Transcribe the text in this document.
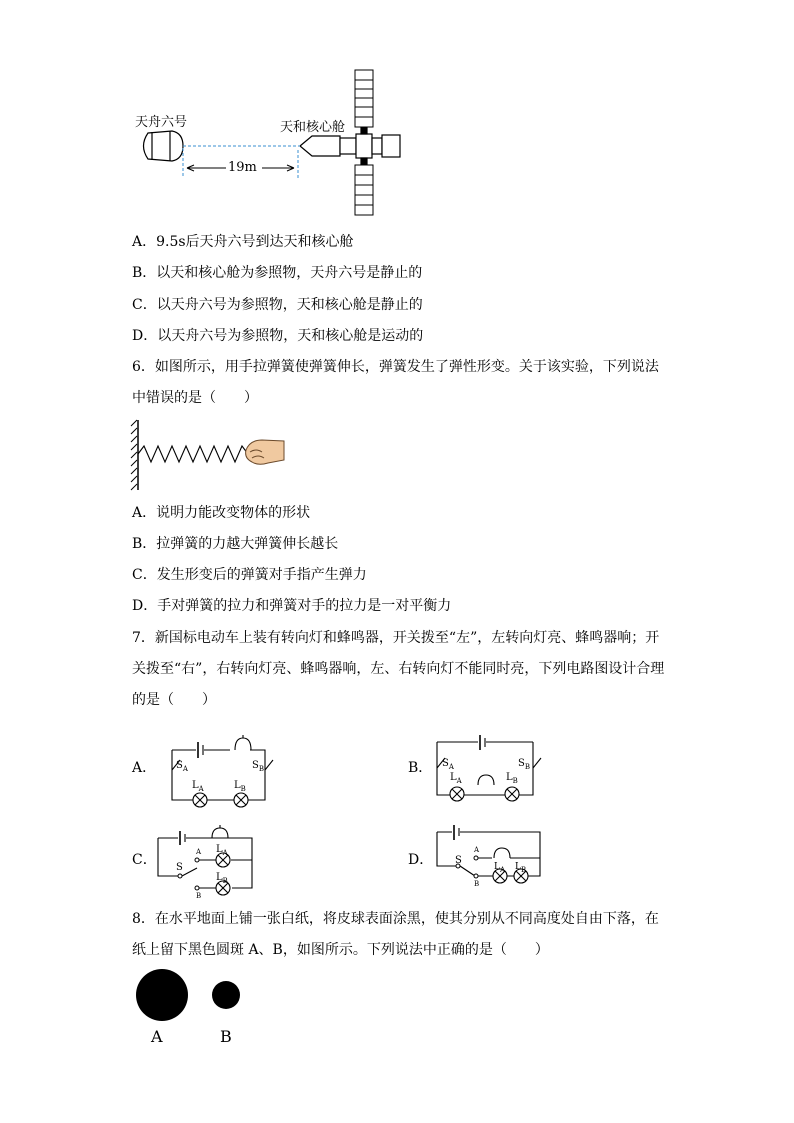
天舟六号	天和核心舱
19m
A．9.5s后天舟六号到达天和核心舱
B．以天和核心舱为参照物，天舟六号是静止的
C．以天舟六号为参照物，天和核心舱是静止的
D．以天舟六号为参照物，天和核心舱是运动的
6．如图所示，用手拉弹簧使弹簧伸长，弹簧发生了弹性形变。关于该实验，下列说法
中错误的是（　　）
A．说明力能改变物体的形状
B．拉弹簧的力越大弹簧伸长越长
C．发生形变后的弹簧对手指产生弹力
D．手对弹簧的拉力和弹簧对手的拉力是一对平衡力
7．新国标电动车上装有转向灯和蜂鸣器，开关拨至“左”，左转向灯亮、蜂鸣器响；开
关拨至“右”，右转向灯亮、蜂鸣器响，左、右转向灯不能同时亮，下列电路图设计合理
的是（　　）
A．	B．
C．	D．
$S_A$	$S_B$
$L_A$	$L_B$
$S_A$	$S_B$
$L_A$	$L_B$
S
A
B
$L_A$
$L_B$
S
A
B
$L_A$ $L_B$
8．在水平地面上铺一张白纸，将皮球表面涂黑，使其分别从不同高度处自由下落，在
纸上留下黑色圆斑 A、B，如图所示。下列说法中正确的是（　　）
A	B
